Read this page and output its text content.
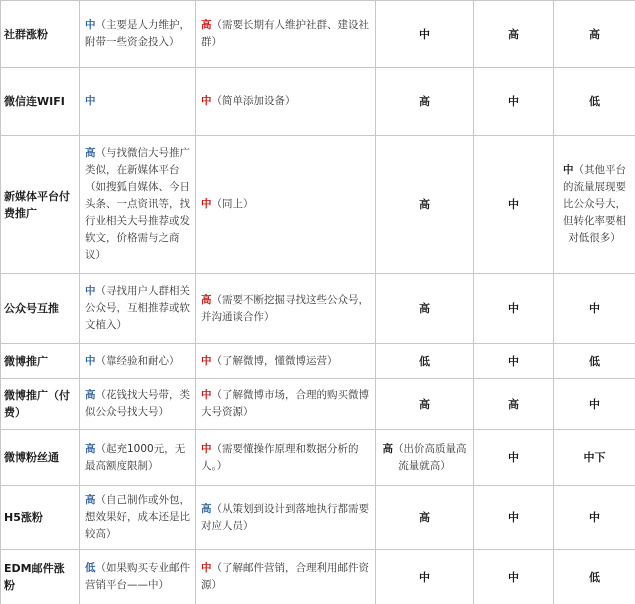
社群涨粉	中（主要是人力维护，附带一些资金投入）	高（需要长期有人维护社群、建设社群）	中	高	高
微信连WIFI	中	中（简单添加设备）	高	中	低
新媒体平台付费推广	高（与找微信大号推广类似，在新媒体平台（如搜狐自媒体、今日头条、一点资讯等，找行业相关大号推荐或发软文，价格需与之商议）	中（同上）	高	中	中（其他平台的流量展现要比公众号大，但转化率要相对低很多）
公众号互推	中（寻找用户人群相关公众号，互相推荐或软文植入）	高（需要不断挖掘寻找这些公众号，并沟通谈合作）	高	中	中
微博推广	中（靠经验和耐心）	中（了解微博，懂微博运营）	低	中	低
微博推广（付费）	高（花钱找大号带，类似公众号找大号）	中（了解微博市场，合理的购买微博大号资源）	高	高	中
微博粉丝通	高（起充1000元，无最高额度限制）	中（需要懂操作原理和数据分析的人。）	高（出价高质量高流量就高）	中	中下
H5涨粉	高（自己制作或外包，想效果好，成本还是比较高）	高（从策划到设计到落地执行都需要对应人员）	高	中	中
EDM邮件涨粉	低（如果购买专业邮件营销平台——中）	中（了解邮件营销，合理利用邮件资源）	中	中	低
